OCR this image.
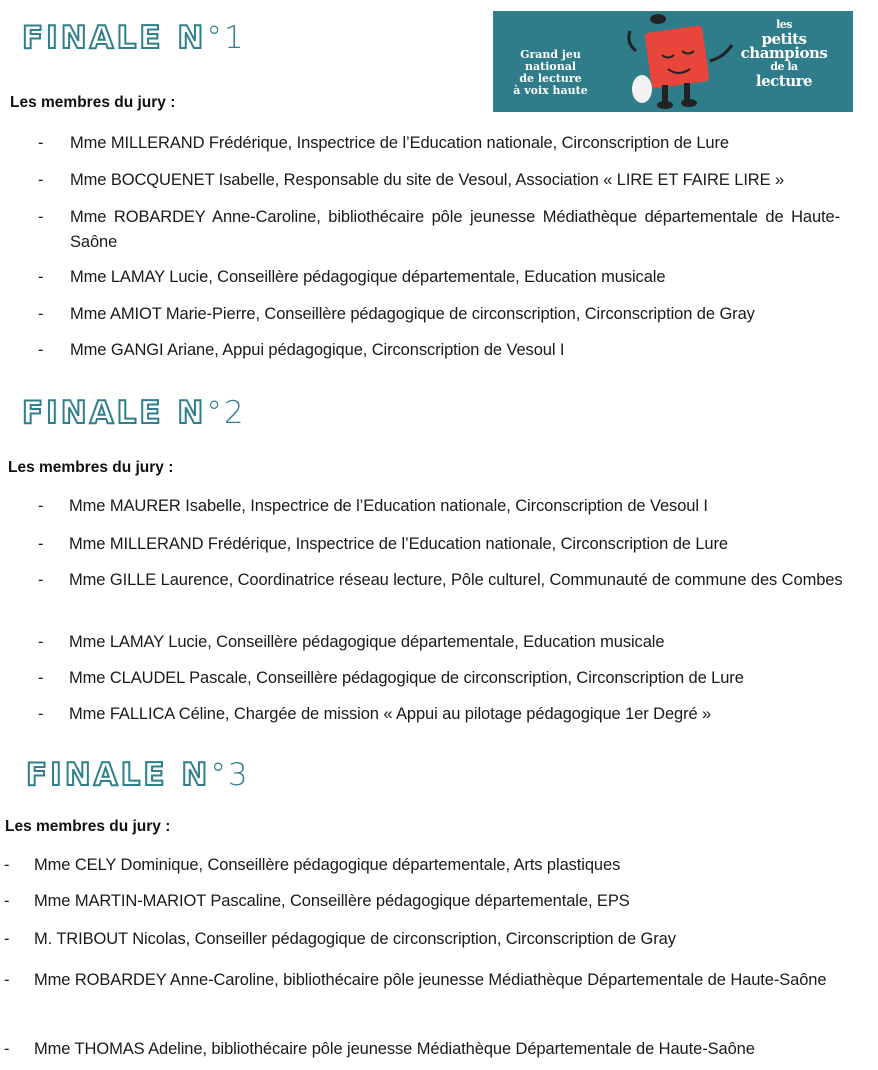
Grand jeu
national
de lecture
à voix haute
les
petits
champions
de la
lecture
FINALE N°1
Les membres du jury :
- Mme MILLERAND Frédérique, Inspectrice de l’Education nationale, Circonscription de Lure
- Mme BOCQUENET Isabelle, Responsable du site de Vesoul, Association « LIRE ET FAIRE LIRE »
- Mme ROBARDEY Anne-Caroline, bibliothécaire pôle jeunesse Médiathèque départementale de Haute-Saône
- Mme LAMAY Lucie, Conseillère pédagogique départementale, Education musicale
- Mme AMIOT Marie-Pierre, Conseillère pédagogique de circonscription, Circonscription de Gray
- Mme GANGI Ariane, Appui pédagogique, Circonscription de Vesoul I
FINALE N°2
Les membres du jury :
- Mme MAURER Isabelle, Inspectrice de l’Education nationale, Circonscription de Vesoul I
- Mme MILLERAND Frédérique, Inspectrice de l’Education nationale, Circonscription de Lure
- Mme GILLE Laurence, Coordinatrice réseau lecture, Pôle culturel, Communauté de commune des Combes
- Mme LAMAY Lucie, Conseillère pédagogique départementale, Education musicale
- Mme CLAUDEL Pascale, Conseillère pédagogique de circonscription, Circonscription de Lure
- Mme FALLICA Céline, Chargée de mission « Appui au pilotage pédagogique 1er Degré »
FINALE N°3
Les membres du jury :
- Mme CELY Dominique, Conseillère pédagogique départementale, Arts plastiques
- Mme MARTIN-MARIOT Pascaline, Conseillère pédagogique départementale, EPS
- M. TRIBOUT Nicolas, Conseiller pédagogique de circonscription, Circonscription de Gray
- Mme ROBARDEY Anne-Caroline, bibliothécaire pôle jeunesse Médiathèque Départementale de Haute-Saône
- Mme THOMAS Adeline, bibliothécaire pôle jeunesse Médiathèque Départementale de Haute-Saône
